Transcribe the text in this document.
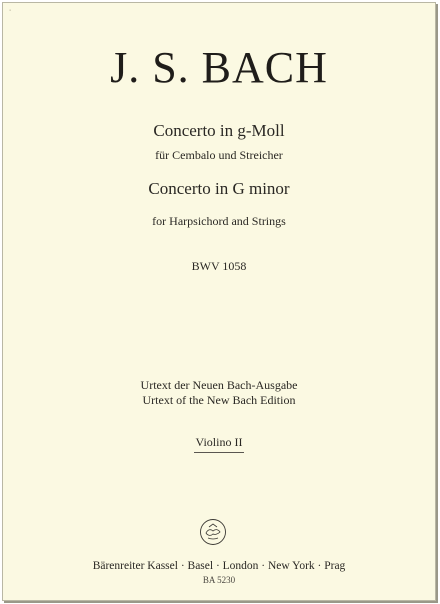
▪
J. S. BACH
Concerto in g-Moll
für Cembalo und Streicher
Concerto in G minor
for Harpsichord and Strings
BWV 1058
Urtext der Neuen Bach-Ausgabe
Urtext of the New Bach Edition
Violino II
Bärenreiter Kassel · Basel · London · New York · Prag
BA 5230
